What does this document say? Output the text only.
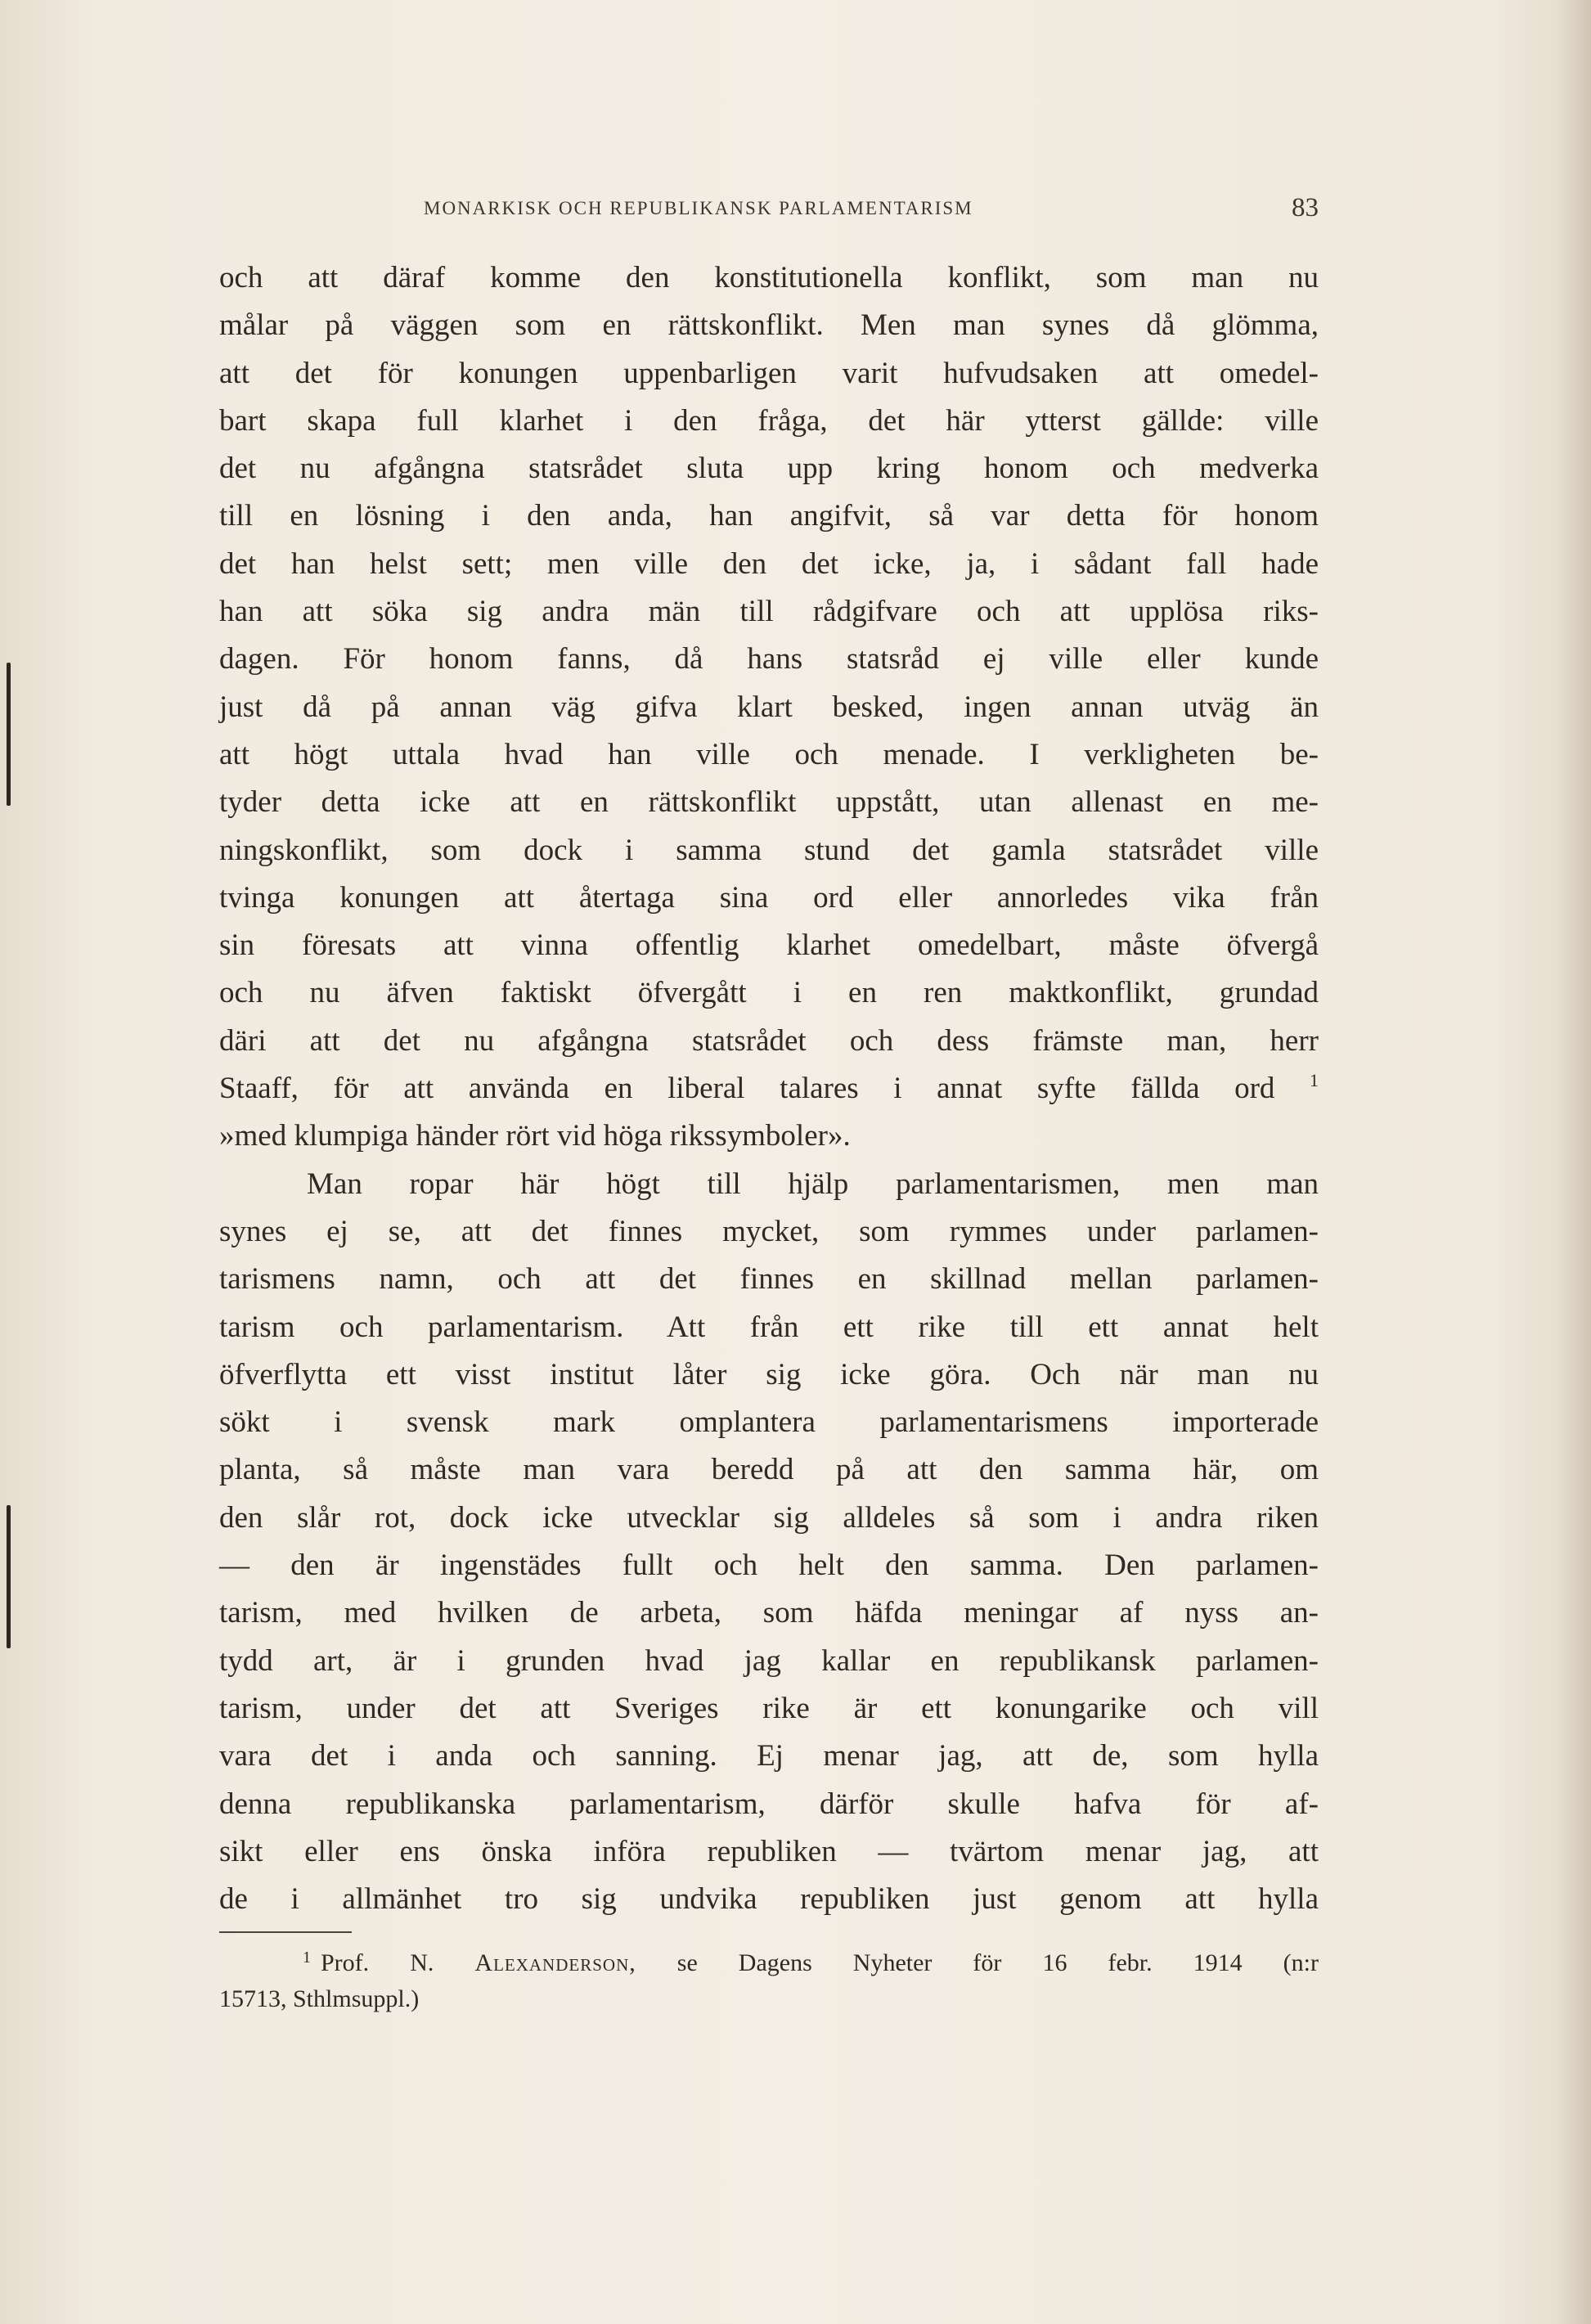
MONARKISK OCH REPUBLIKANSK PARLAMENTARISM	83
och att däraf komme den konstitutionella konflikt, som man nu
målar på väggen som en rättskonflikt. Men man synes då glömma,
att det för konungen uppenbarligen varit hufvudsaken att omedel-
bart skapa full klarhet i den fråga, det här ytterst gällde: ville
det nu afgångna statsrådet sluta upp kring honom och medverka
till en lösning i den anda, han angifvit, så var detta för honom
det han helst sett; men ville den det icke, ja, i sådant fall hade
han att söka sig andra män till rådgifvare och att upplösa riks-
dagen. För honom fanns, då hans statsråd ej ville eller kunde
just då på annan väg gifva klart besked, ingen annan utväg än
att högt uttala hvad han ville och menade. I verkligheten be-
tyder detta icke att en rättskonflikt uppstått, utan allenast en me-
ningskonflikt, som dock i samma stund det gamla statsrådet ville
tvinga konungen att återtaga sina ord eller annorledes vika från
sin föresats att vinna offentlig klarhet omedelbart, måste öfvergå
och nu äfven faktiskt öfvergått i en ren maktkonflikt, grundad
däri att det nu afgångna statsrådet och dess främste man, herr
Staaff, för att använda en liberal talares i annat syfte fällda ord $^1$
»med klumpiga händer rört vid höga rikssymboler».
Man ropar här högt till hjälp parlamentarismen, men man
synes ej se, att det finnes mycket, som rymmes under parlamen-
tarismens namn, och att det finnes en skillnad mellan parlamen-
tarism och parlamentarism. Att från ett rike till ett annat helt
öfverflytta ett visst institut låter sig icke göra. Och när man nu
sökt i svensk mark omplantera parlamentarismens importerade
planta, så måste man vara beredd på att den samma här, om
den slår rot, dock icke utvecklar sig alldeles så som i andra riken
— den är ingenstädes fullt och helt den samma. Den parlamen-
tarism, med hvilken de arbeta, som häfda meningar af nyss an-
tydd art, är i grunden hvad jag kallar en republikansk parlamen-
tarism, under det att Sveriges rike är ett konungarike och vill
vara det i anda och sanning. Ej menar jag, att de, som hylla
denna republikanska parlamentarism, därför skulle hafva för af-
sikt eller ens önska införa republiken — tvärtom menar jag, att
de i allmänhet tro sig undvika republiken just genom att hylla
$^1$ Prof. N. Alexanderson, se Dagens Nyheter för 16 febr. 1914 (n:r
15713, Sthlmsuppl.)
